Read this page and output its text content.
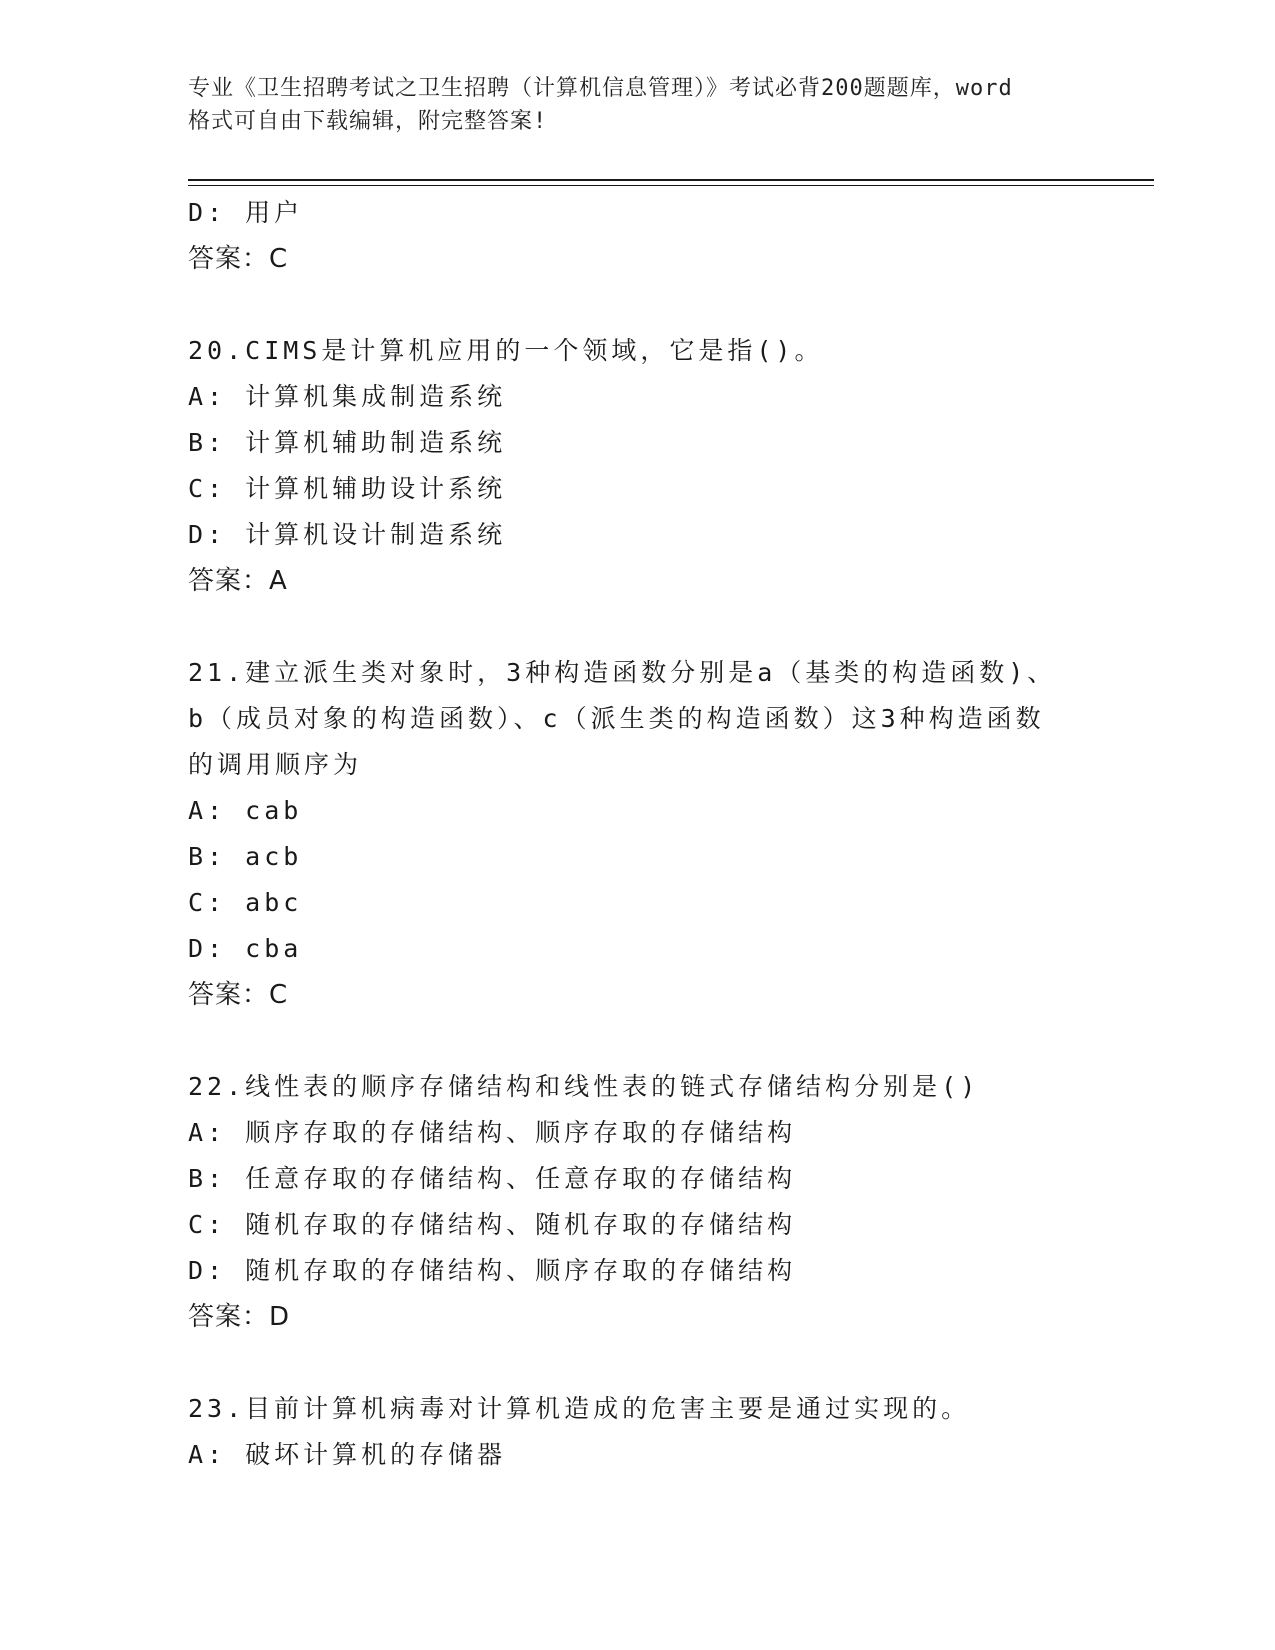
专业《卫生招聘考试之卫生招聘（计算机信息管理）》考试必背200题题库，word
格式可自由下载编辑，附完整答案!
D: 用户
答案：C
20.CIMS是计算机应用的一个领域，它是指()。
A: 计算机集成制造系统
B: 计算机辅助制造系统
C: 计算机辅助设计系统
D: 计算机设计制造系统
答案：A
21.建立派生类对象时，3种构造函数分别是a（基类的构造函数)、b（成员对象的构造函数）、c（派生类的构造函数）这3种构造函数的调用顺序为
A: cab
B: acb
C: abc
D: cba
答案：C
22.线性表的顺序存储结构和线性表的链式存储结构分别是()
A: 顺序存取的存储结构、顺序存取的存储结构
B: 任意存取的存储结构、任意存取的存储结构
C: 随机存取的存储结构、随机存取的存储结构
D: 随机存取的存储结构、顺序存取的存储结构
答案：D
23.目前计算机病毒对计算机造成的危害主要是通过实现的。
A: 破坏计算机的存储器
